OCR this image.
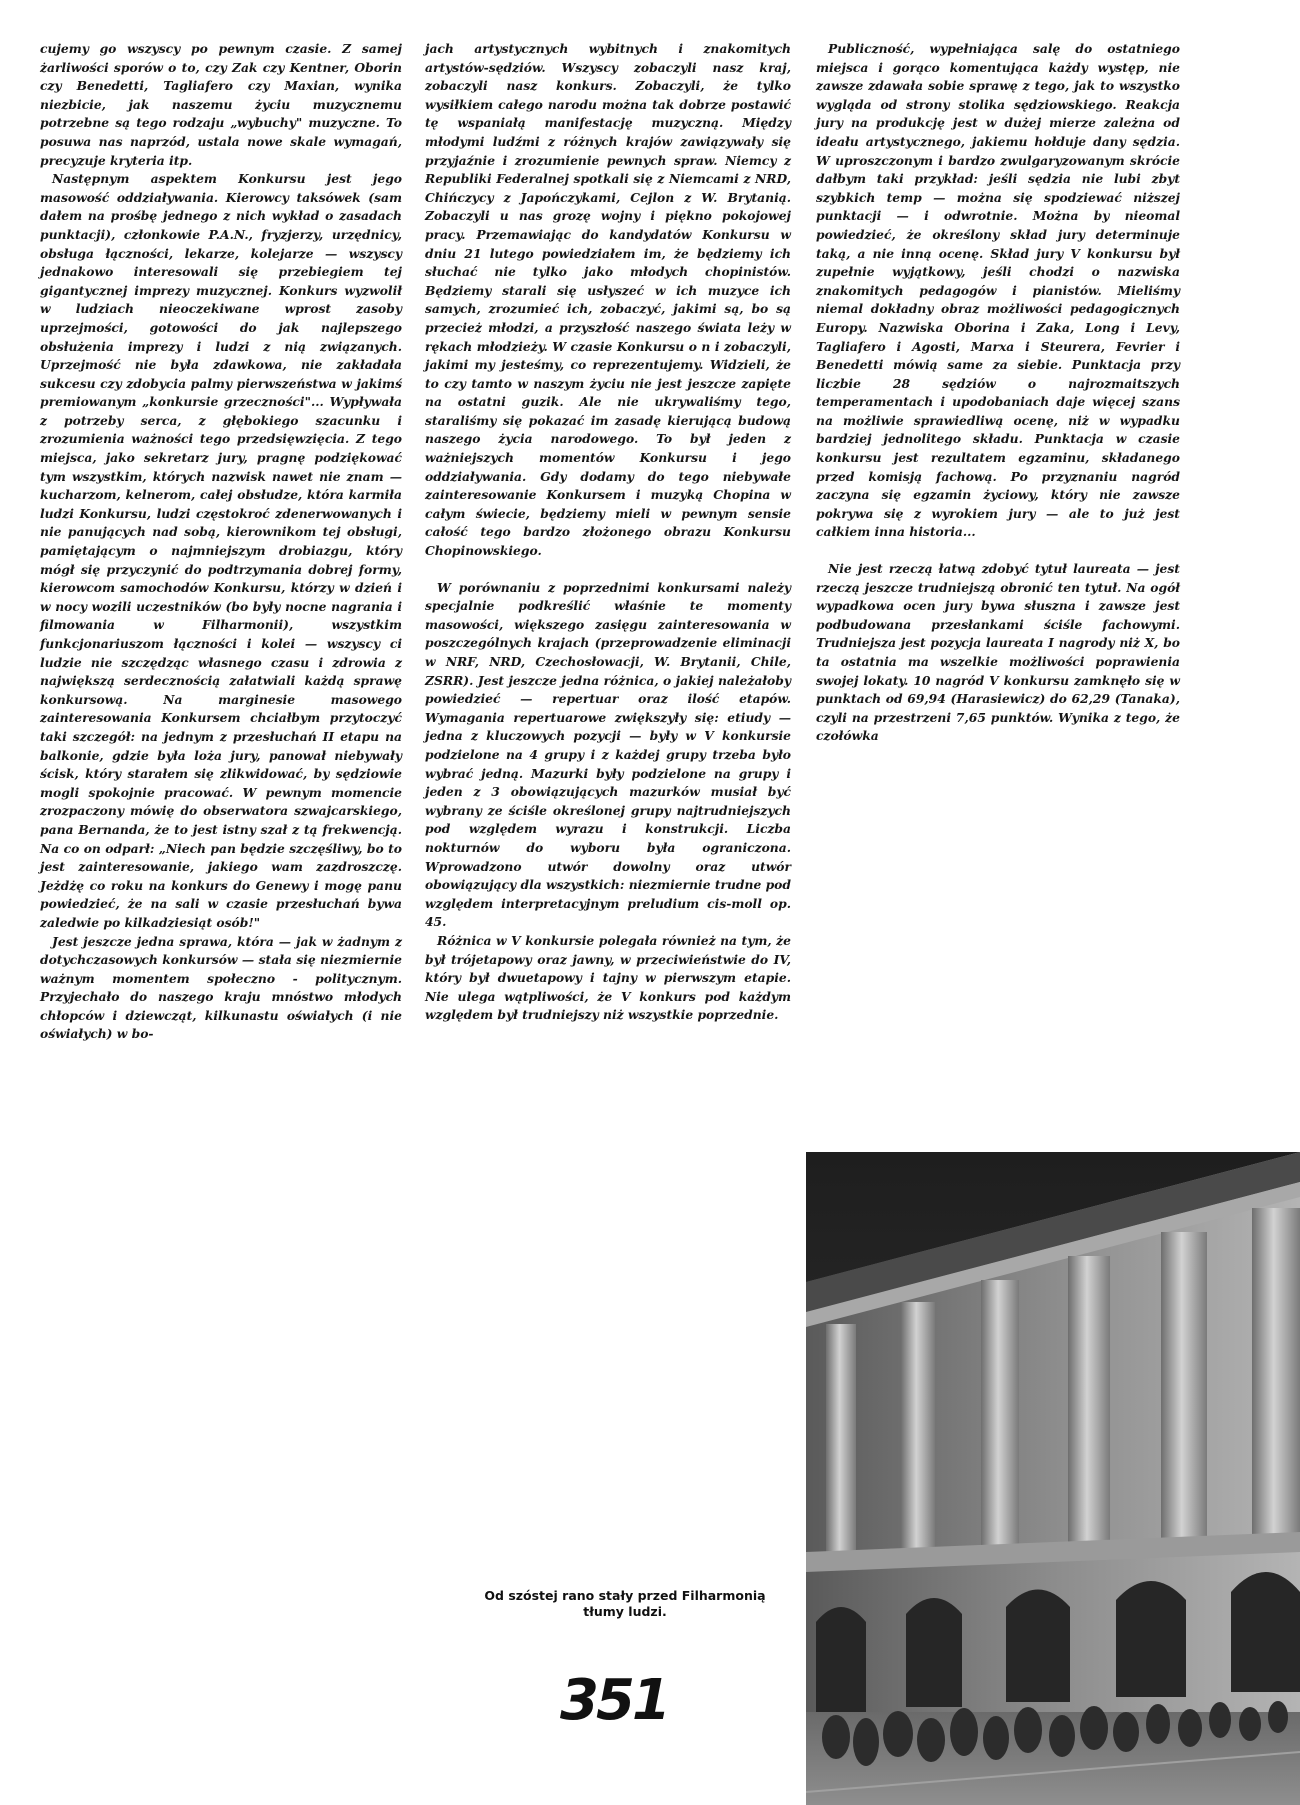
cujemy go wszyscy po pewnym czasie. Z samej żarliwości sporów o to, czy Zak czy Kentner, Oborin czy Benedetti, Tagliafero czy Maxian, wynika niezbicie, jak naszemu życiu muzycznemu potrzebne są tego rodzaju „wybuchy" muzyczne. To posuwa nas naprzód, ustala nowe skale wymagań, precyzuje kryteria itp.

Następnym aspektem Konkursu jest jego masowość oddziaływania. Kierowcy taksówek (sam dałem na prośbę jednego z nich wykład o zasadach punktacji), członkowie P.A.N., fryzjerzy, urzędnicy, obsługa łączności, lekarze, kolejarze — wszyscy jednakowo interesowali się przebiegiem tej gigantycznej imprezy muzycznej. Konkurs wyzwolił w ludziach nieoczekiwane wprost zasoby uprzejmości, gotowości do jak najlepszego obsłużenia imprezy i ludzi z nią związanych. Uprzejmość nie była zdawkowa, nie zakładała sukcesu czy zdobycia palmy pierwszeństwa w jakimś premiowanym „konkursie grzeczności"... Wypływała z potrzeby serca, z głębokiego szacunku i zrozumienia ważności tego przedsięwzięcia. Z tego miejsca, jako sekretarz jury, pragnę podziękować tym wszystkim, których nazwisk nawet nie znam — kucharzom, kelnerom, całej obsłudze, która karmiła ludzi Konkursu, ludzi częstokroć zdenerwowanych i nie panujących nad sobą, kierownikom tej obsługi, pamiętającym o najmniejszym drobiazgu, który mógł się przyczynić do podtrzymania dobrej formy, kierowcom samochodów Konkursu, którzy w dzień i w nocy wozili uczestników (bo były nocne nagrania i filmowania w Filharmonii), wszystkim funkcjonariuszom łączności i kolei — wszyscy ci ludzie nie szczędząc własnego czasu i zdrowia z największą serdecznością załatwiali każdą sprawę konkursową. Na marginesie masowego zainteresowania Konkursem chciałbym przytoczyć taki szczegół: na jednym z przesłuchań II etapu na balkonie, gdzie była loża jury, panował niebywały ścisk, który starałem się zlikwidować, by sędziowie mogli spokojnie pracować. W pewnym momencie zrozpaczony mówię do obserwatora szwajcarskiego, pana Bernanda, że to jest istny szał z tą frekwencją. Na co on odparł: „Niech pan będzie szczęśliwy, bo to jest zainteresowanie, jakiego wam zazdroszczę. Jeżdżę co roku na konkurs do Genewy i mogę panu powiedzieć, że na sali w czasie przesłuchań bywa zaledwie po kilkadziesiąt osób!"

Jest jeszcze jedna sprawa, która — jak w żadnym z dotychczasowych konkursów — stała się niezmiernie ważnym momentem społeczno - politycznym. Przyjechało do naszego kraju mnóstwo młodych chłopców i dziewcząt, kilkunastu oświałych (i nie oświałych) w bo-

jach artystycznych wybitnych i znakomitych artystów-sędziów. Wszyscy zobaczyli nasz kraj, zobaczyli nasz konkurs. Zobaczyli, że tylko wysiłkiem całego narodu można tak dobrze postawić tę wspaniałą manifestację muzyczną. Między młodymi ludźmi z różnych krajów zawiązywały się przyjaźnie i zrozumienie pewnych spraw. Niemcy z Republiki Federalnej spotkali się z Niemcami z NRD, Chińczycy z Japończykami, Cejlon z W. Brytanią. Zobaczyli u nas grozę wojny i piękno pokojowej pracy. Przemawiając do kandydatów Konkursu w dniu 21 lutego powiedziałem im, że będziemy ich słuchać nie tylko jako młodych chopinistów. Będziemy starali się usłyszeć w ich muzyce ich samych, zrozumieć ich, zobaczyć, jakimi są, bo są przecież młodzi, a przyszłość naszego świata leży w rękach młodzieży. W czasie Konkursu o n i zobaczyli, jakimi my jesteśmy, co reprezentujemy. Widzieli, że to czy tamto w naszym życiu nie jest jeszcze zapięte na ostatni guzik. Ale nie ukrywaliśmy tego, staraliśmy się pokazać im zasadę kierującą budową naszego życia narodowego. To był jeden z ważniejszych momentów Konkursu i jego oddziaływania. Gdy dodamy do tego niebywałe zainteresowanie Konkursem i muzyką Chopina w całym świecie, będziemy mieli w pewnym sensie całość tego bardzo złożonego obrazu Konkursu Chopinowskiego.

W porównaniu z poprzednimi konkursami należy specjalnie podkreślić właśnie te momenty masowości, większego zasięgu zainteresowania w poszczególnych krajach (przeprowadzenie eliminacji w NRF, NRD, Czechosłowacji, W. Brytanii, Chile, ZSRR). Jest jeszcze jedna różnica, o jakiej należałoby powiedzieć — repertuar oraz ilość etapów. Wymagania repertuarowe zwiększyły się: etiudy — jedna z kluczowych pozycji — były w V konkursie podzielone na 4 grupy i z każdej grupy trzeba było wybrać jedną. Mazurki były podzielone na grupy i jeden z 3 obowiązujących mazurków musiał być wybrany ze ściśle określonej grupy najtrudniejszych pod względem wyrazu i konstrukcji. Liczba nokturnów do wyboru była ograniczona. Wprowadzono utwór dowolny oraz utwór obowiązujący dla wszystkich: niezmiernie trudne pod względem interpretacyjnym preludium cis-moll op. 45.

Różnica w V konkursie polegała również na tym, że był trójetapowy oraz jawny, w przeciwieństwie do IV, który był dwuetapowy i tajny w pierwszym etapie. Nie ulega wątpliwości, że V konkurs pod każdym względem był trudniejszy niż wszystkie poprzednie.

Publiczność, wypełniająca salę do ostatniego miejsca i gorąco komentująca każdy występ, nie zawsze zdawała sobie sprawę z tego, jak to wszystko wygląda od strony stolika sędziowskiego. Reakcja jury na produkcję jest w dużej mierze zależna od ideału artystycznego, jakiemu hołduje dany sędzia. W uproszczonym i bardzo zwulgaryzowanym skrócie dałbym taki przykład: jeśli sędzia nie lubi zbyt szybkich temp — można się spodziewać niższej punktacji — i odwrotnie. Można by nieomal powiedzieć, że określony skład jury determinuje taką, a nie inną ocenę. Skład jury V konkursu był zupełnie wyjątkowy, jeśli chodzi o nazwiska znakomitych pedagogów i pianistów. Mieliśmy niemal dokładny obraz możliwości pedagogicznych Europy. Nazwiska Oborina i Zaka, Long i Levy, Tagliafero i Agosti, Marxa i Steurera, Fevrier i Benedetti mówią same za siebie. Punktacja przy liczbie 28 sędziów o najrozmaitszych temperamentach i upodobaniach daje więcej szans na możliwie sprawiedliwą ocenę, niż w wypadku bardziej jednolitego składu. Punktacja w czasie konkursu jest rezultatem egzaminu, składanego przed komisją fachową. Po przyznaniu nagród zaczyna się egzamin życiowy, który nie zawsze pokrywa się z wyrokiem jury — ale to już jest całkiem inna historia...

Nie jest rzeczą łatwą zdobyć tytuł laureata — jest rzeczą jeszcze trudniejszą obronić ten tytuł. Na ogół wypadkowa ocen jury bywa słuszna i zawsze jest podbudowana przesłankami ściśle fachowymi. Trudniejsza jest pozycja laureata I nagrody niż X, bo ta ostatnia ma wszelkie możliwości poprawienia swojej lokaty. 10 nagród V konkursu zamknęło się w punktach od 69,94 (Harasiewicz) do 62,29 (Tanaka), czyli na przestrzeni 7,65 punktów. Wynika z tego, że czołówka

Od szóstej rano stały przed Filharmonią tłumy ludzi.
351
